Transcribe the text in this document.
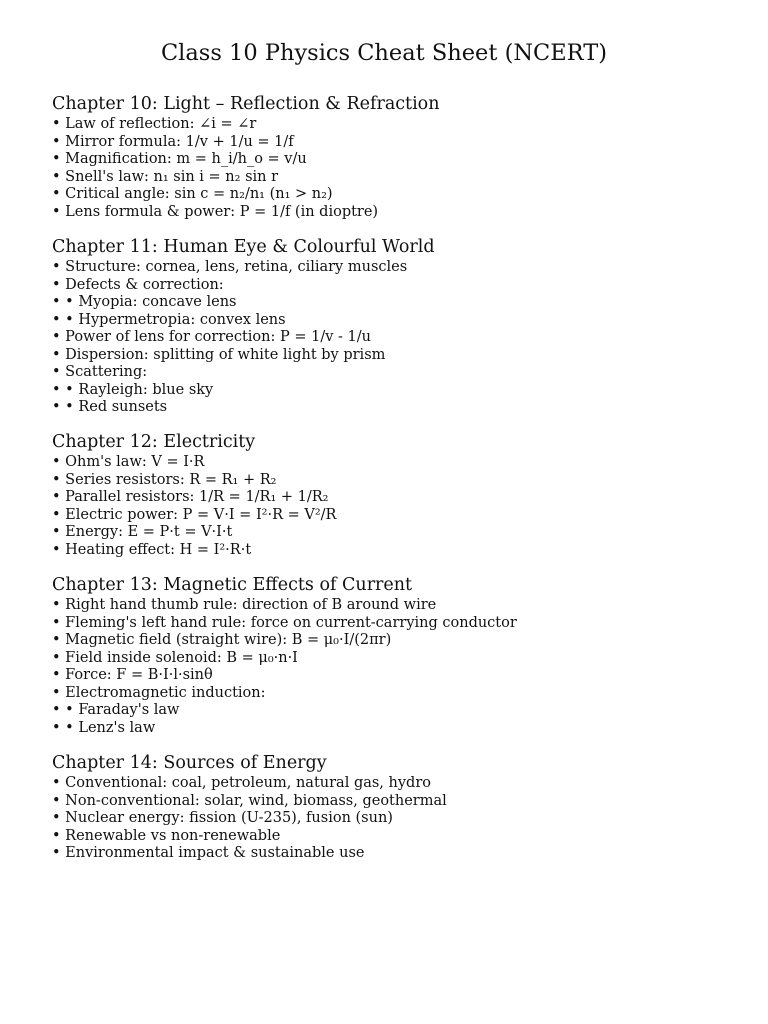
Class 10 Physics Cheat Sheet (NCERT)
Chapter 10: Light – Reflection & Refraction
• Law of reflection: ∠i = ∠r
• Mirror formula: 1/v + 1/u = 1/f
• Magnification: m = h_i/h_o = v/u
• Snell's law: n₁ sin i = n₂ sin r
• Critical angle: sin c = n₂/n₁ (n₁ > n₂)
• Lens formula & power: P = 1/f (in dioptre)
Chapter 11: Human Eye & Colourful World
• Structure: cornea, lens, retina, ciliary muscles
• Defects & correction:
• • Myopia: concave lens
• • Hypermetropia: convex lens
• Power of lens for correction: P = 1/v - 1/u
• Dispersion: splitting of white light by prism
• Scattering:
• • Rayleigh: blue sky
• • Red sunsets
Chapter 12: Electricity
• Ohm's law: V = I·R
• Series resistors: R = R₁ + R₂
• Parallel resistors: 1/R = 1/R₁ + 1/R₂
• Electric power: P = V·I = I²·R = V²/R
• Energy: E = P·t = V·I·t
• Heating effect: H = I²·R·t
Chapter 13: Magnetic Effects of Current
• Right hand thumb rule: direction of B around wire
• Fleming's left hand rule: force on current-carrying conductor
• Magnetic field (straight wire): B = μ₀·I/(2πr)
• Field inside solenoid: B = μ₀·n·I
• Force: F = B·I·l·sinθ
• Electromagnetic induction:
• • Faraday's law
• • Lenz's law
Chapter 14: Sources of Energy
• Conventional: coal, petroleum, natural gas, hydro
• Non-conventional: solar, wind, biomass, geothermal
• Nuclear energy: fission (U-235), fusion (sun)
• Renewable vs non-renewable
• Environmental impact & sustainable use
